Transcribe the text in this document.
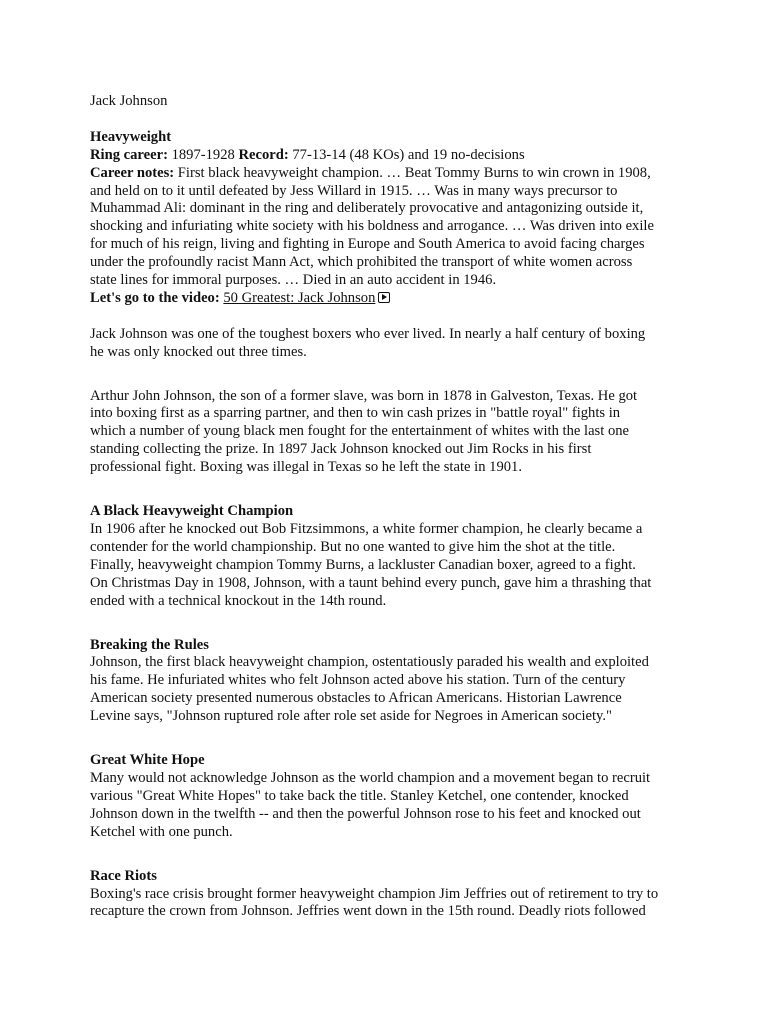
Jack Johnson
Heavyweight
Ring career: 1897-1928 Record: 77-13-14 (48 KOs) and 19 no-decisions
Career notes: First black heavyweight champion. … Beat Tommy Burns to win crown in 1908,
and held on to it until defeated by Jess Willard in 1915. … Was in many ways precursor to
Muhammad Ali: dominant in the ring and deliberately provocative and antagonizing outside it,
shocking and infuriating white society with his boldness and arrogance. … Was driven into exile
for much of his reign, living and fighting in Europe and South America to avoid facing charges
under the profoundly racist Mann Act, which prohibited the transport of white women across
state lines for immoral purposes. … Died in an auto accident in 1946.
Let's go to the video: 50 Greatest: Jack Johnson
Jack Johnson was one of the toughest boxers who ever lived. In nearly a half century of boxing
he was only knocked out three times.
Arthur John Johnson, the son of a former slave, was born in 1878 in Galveston, Texas. He got
into boxing first as a sparring partner, and then to win cash prizes in "battle royal" fights in
which a number of young black men fought for the entertainment of whites with the last one
standing collecting the prize. In 1897 Jack Johnson knocked out Jim Rocks in his first
professional fight. Boxing was illegal in Texas so he left the state in 1901.
A Black Heavyweight Champion
In 1906 after he knocked out Bob Fitzsimmons, a white former champion, he clearly became a
contender for the world championship. But no one wanted to give him the shot at the title.
Finally, heavyweight champion Tommy Burns, a lackluster Canadian boxer, agreed to a fight.
On Christmas Day in 1908, Johnson, with a taunt behind every punch, gave him a thrashing that
ended with a technical knockout in the 14th round.
Breaking the Rules
Johnson, the first black heavyweight champion, ostentatiously paraded his wealth and exploited
his fame. He infuriated whites who felt Johnson acted above his station. Turn of the century
American society presented numerous obstacles to African Americans. Historian Lawrence
Levine says, "Johnson ruptured role after role set aside for Negroes in American society."
Great White Hope
Many would not acknowledge Johnson as the world champion and a movement began to recruit
various "Great White Hopes" to take back the title. Stanley Ketchel, one contender, knocked
Johnson down in the twelfth -- and then the powerful Johnson rose to his feet and knocked out
Ketchel with one punch.
Race Riots
Boxing's race crisis brought former heavyweight champion Jim Jeffries out of retirement to try to
recapture the crown from Johnson. Jeffries went down in the 15th round. Deadly riots followed
